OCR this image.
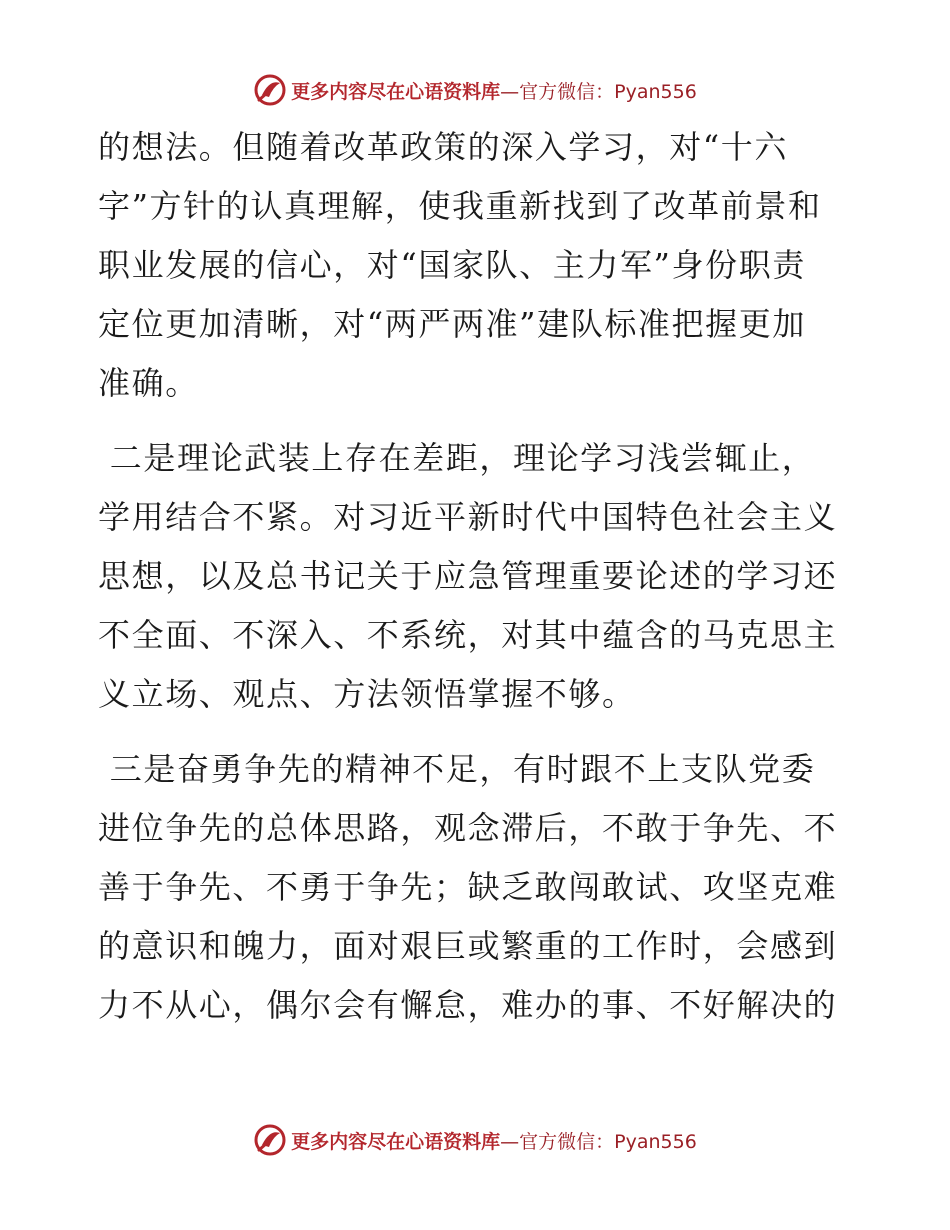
更多内容尽在心语资料库 —官方微信：Pyan556

的想法。但随着改革政策的深入学习，对“十六
字”方针的认真理解，使我重新找到了改革前景和
职业发展的信心，对“国家队、主力军”身份职责
定位更加清晰，对“两严两准”建队标准把握更加
准确。

二是理论武装上存在差距，理论学习浅尝辄止，
学用结合不紧。对习近平新时代中国特色社会主义
思想，以及总书记关于应急管理重要论述的学习还
不全面、不深入、不系统，对其中蕴含的马克思主
义立场、观点、方法领悟掌握不够。

三是奋勇争先的精神不足，有时跟不上支队党委
进位争先的总体思路，观念滞后，不敢于争先、不
善于争先、不勇于争先；缺乏敢闯敢试、攻坚克难
的意识和魄力，面对艰巨或繁重的工作时，会感到
力不从心，偶尔会有懈怠，难办的事、不好解决的

更多内容尽在心语资料库 —官方微信：Pyan556
